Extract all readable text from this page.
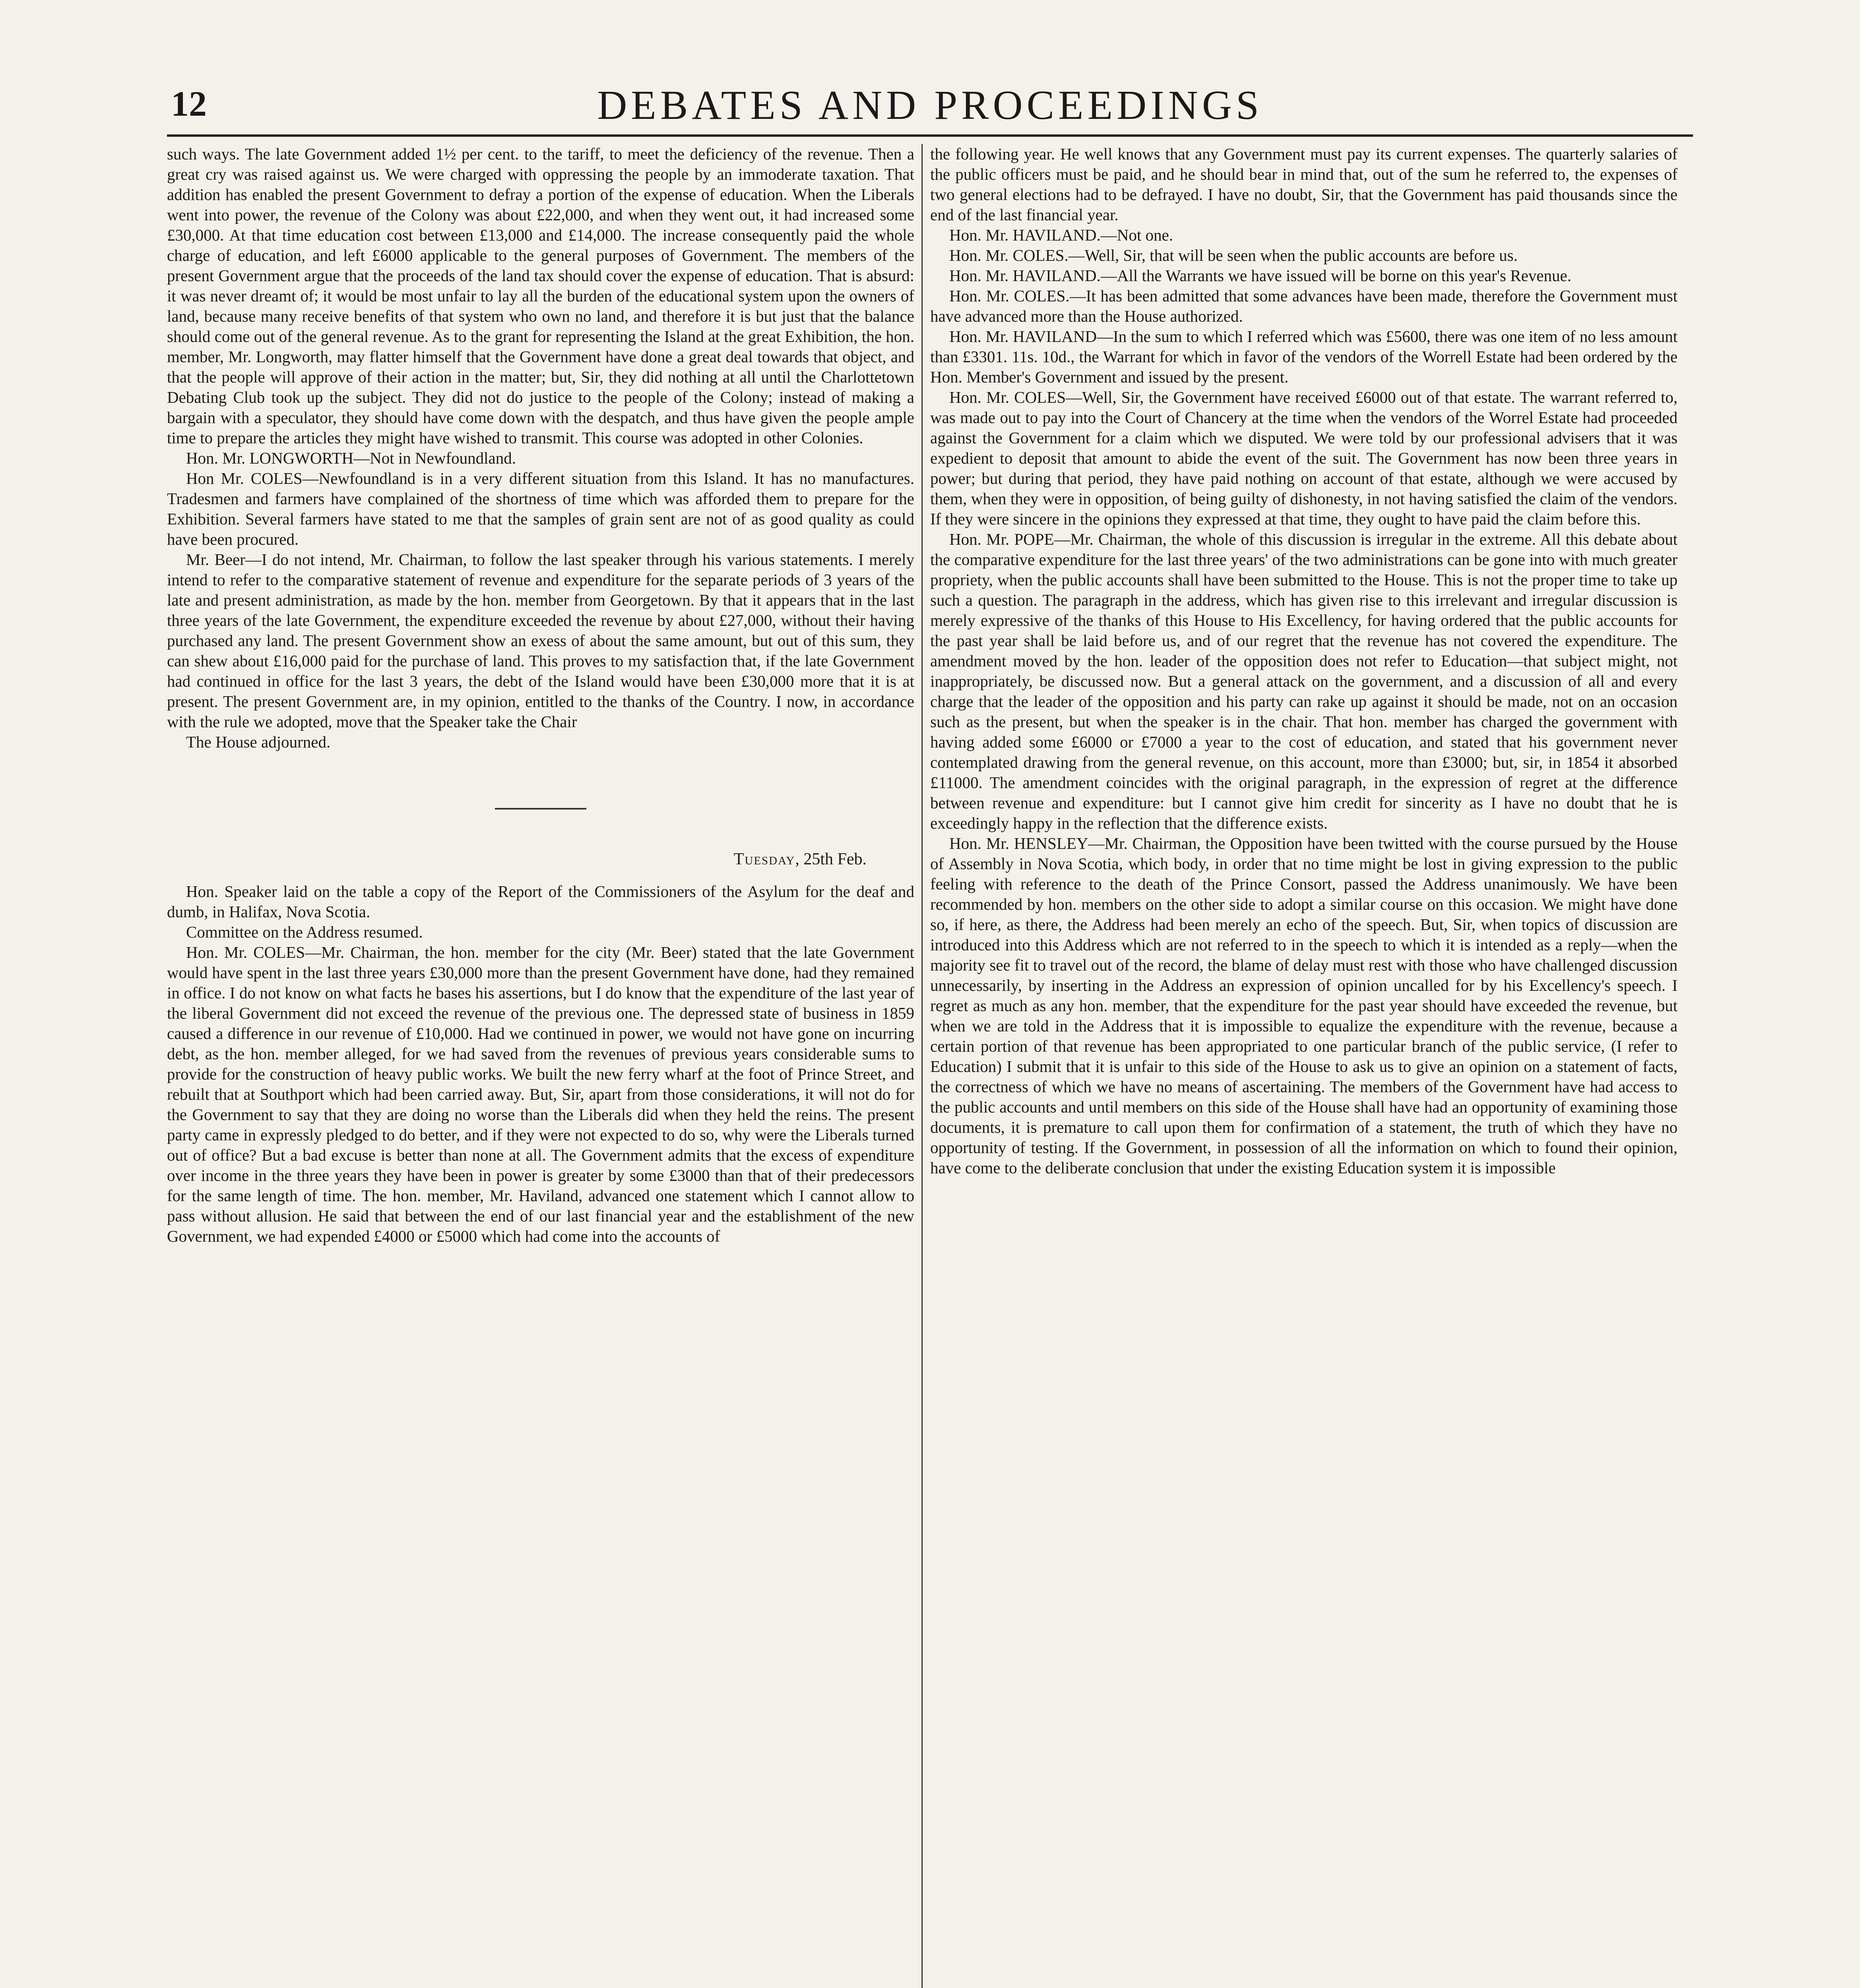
12	DEBATES AND PROCEEDINGS

such ways. The late Government added 1½ per cent. to the tariff, to meet the deficiency of the revenue. Then a great cry was raised against us. We were charged with oppressing the people by an immoderate taxation. That addition has enabled the present Government to defray a portion of the expense of education. When the Liberals went into power, the revenue of the Colony was about £22,000, and when they went out, it had increased some £30,000. At that time education cost between £13,000 and £14,000. The increase consequently paid the whole charge of education, and left £6000 applicable to the general purposes of Government. The members of the present Government argue that the proceeds of the land tax should cover the expense of education. That is absurd: it was never dreamt of; it would be most unfair to lay all the burden of the educational system upon the owners of land, because many receive benefits of that system who own no land, and therefore it is but just that the balance should come out of the general revenue. As to the grant for representing the Island at the great Exhibition, the hon. member, Mr. Longworth, may flatter himself that the Government have done a great deal towards that object, and that the people will approve of their action in the matter; but, Sir, they did nothing at all until the Charlottetown Debating Club took up the subject. They did not do justice to the people of the Colony; instead of making a bargain with a speculator, they should have come down with the despatch, and thus have given the people ample time to prepare the articles they might have wished to transmit. This course was adopted in other Colonies.

Hon. Mr. LONGWORTH—Not in Newfoundland.

Hon Mr. COLES—Newfoundland is in a very different situation from this Island. It has no manufactures. Tradesmen and farmers have complained of the shortness of time which was afforded them to prepare for the Exhibition. Several farmers have stated to me that the samples of grain sent are not of as good quality as could have been procured.

Mr. Beer—I do not intend, Mr. Chairman, to follow the last speaker through his various statements. I merely intend to refer to the comparative statement of revenue and expenditure for the separate periods of 3 years of the late and present administration, as made by the hon. member from Georgetown. By that it appears that in the last three years of the late Government, the expenditure exceeded the revenue by about £27,000, without their having purchased any land. The present Government show an exess of about the same amount, but out of this sum, they can shew about £16,000 paid for the purchase of land. This proves to my satisfaction that, if the late Government had continued in office for the last 3 years, the debt of the Island would have been £30,000 more that it is at present. The present Government are, in my opinion, entitled to the thanks of the Country. I now, in accordance with the rule we adopted, move that the Speaker take the Chair

The House adjourned.

Tuesday, 25th Feb.

Hon. Speaker laid on the table a copy of the Report of the Commissioners of the Asylum for the deaf and dumb, in Halifax, Nova Scotia.

Committee on the Address resumed.

Hon. Mr. COLES—Mr. Chairman, the hon. member for the city (Mr. Beer) stated that the late Government would have spent in the last three years £30,000 more than the present Government have done, had they remained in office. I do not know on what facts he bases his assertions, but I do know that the expenditure of the last year of the liberal Government did not exceed the revenue of the previous one. The depressed state of business in 1859 caused a difference in our revenue of £10,000. Had we continued in power, we would not have gone on incurring debt, as the hon. member alleged, for we had saved from the revenues of previous years considerable sums to provide for the construction of heavy public works. We built the new ferry wharf at the foot of Prince Street, and rebuilt that at Southport which had been carried away. But, Sir, apart from those considerations, it will not do for the Government to say that they are doing no worse than the Liberals did when they held the reins. The present party came in expressly pledged to do better, and if they were not expected to do so, why were the Liberals turned out of office? But a bad excuse is better than none at all. The Government admits that the excess of expenditure over income in the three years they have been in power is greater by some £3000 than that of their predecessors for the same length of time. The hon. member, Mr. Haviland, advanced one statement which I cannot allow to pass without allusion. He said that between the end of our last financial year and the establishment of the new Government, we had expended £4000 or £5000 which had come into the accounts of

the following year. He well knows that any Government must pay its current expenses. The quarterly salaries of the public officers must be paid, and he should bear in mind that, out of the sum he referred to, the expenses of two general elections had to be defrayed. I have no doubt, Sir, that the Government has paid thousands since the end of the last financial year.

Hon. Mr. HAVILAND.—Not one.

Hon. Mr. COLES.—Well, Sir, that will be seen when the public accounts are before us.

Hon. Mr. HAVILAND.—All the Warrants we have issued will be borne on this year's Revenue.

Hon. Mr. COLES.—It has been admitted that some advances have been made, therefore the Government must have advanced more than the House authorized.

Hon. Mr. HAVILAND—In the sum to which I referred which was £5600, there was one item of no less amount than £3301. 11s. 10d., the Warrant for which in favor of the vendors of the Worrell Estate had been ordered by the Hon. Member's Government and issued by the present.

Hon. Mr. COLES—Well, Sir, the Government have received £6000 out of that estate. The warrant referred to, was made out to pay into the Court of Chancery at the time when the vendors of the Worrel Estate had proceeded against the Government for a claim which we disputed. We were told by our professional advisers that it was expedient to deposit that amount to abide the event of the suit. The Government has now been three years in power; but during that period, they have paid nothing on account of that estate, although we were accused by them, when they were in opposition, of being guilty of dishonesty, in not having satisfied the claim of the vendors. If they were sincere in the opinions they expressed at that time, they ought to have paid the claim before this.

Hon. Mr. POPE—Mr. Chairman, the whole of this discussion is irregular in the extreme. All this debate about the comparative expenditure for the last three years' of the two administrations can be gone into with much greater propriety, when the public accounts shall have been submitted to the House. This is not the proper time to take up such a question. The paragraph in the address, which has given rise to this irrelevant and irregular discussion is merely expressive of the thanks of this House to His Excellency, for having ordered that the public accounts for the past year shall be laid before us, and of our regret that the revenue has not covered the expenditure. The amendment moved by the hon. leader of the opposition does not refer to Education—that subject might, not inappropriately, be discussed now. But a general attack on the government, and a discussion of all and every charge that the leader of the opposition and his party can rake up against it should be made, not on an occasion such as the present, but when the speaker is in the chair. That hon. member has charged the government with having added some £6000 or £7000 a year to the cost of education, and stated that his government never contemplated drawing from the general revenue, on this account, more than £3000; but, sir, in 1854 it absorbed £11000. The amendment coincides with the original paragraph, in the expression of regret at the difference between revenue and expenditure: but I cannot give him credit for sincerity as I have no doubt that he is exceedingly happy in the reflection that the difference exists.

Hon. Mr. HENSLEY—Mr. Chairman, the Opposition have been twitted with the course pursued by the House of Assembly in Nova Scotia, which body, in order that no time might be lost in giving expression to the public feeling with reference to the death of the Prince Consort, passed the Address unanimously. We have been recommended by hon. members on the other side to adopt a similar course on this occasion. We might have done so, if here, as there, the Address had been merely an echo of the speech. But, Sir, when topics of discussion are introduced into this Address which are not referred to in the speech to which it is intended as a reply—when the majority see fit to travel out of the record, the blame of delay must rest with those who have challenged discussion unnecessarily, by inserting in the Address an expression of opinion uncalled for by his Excellency's speech. I regret as much as any hon. member, that the expenditure for the past year should have exceeded the revenue, but when we are told in the Address that it is impossible to equalize the expenditure with the revenue, because a certain portion of that revenue has been appropriated to one particular branch of the public service, (I refer to Education) I submit that it is unfair to this side of the House to ask us to give an opinion on a statement of facts, the correctness of which we have no means of ascertaining. The members of the Government have had access to the public accounts and until members on this side of the House shall have had an opportunity of examining those documents, it is premature to call upon them for confirmation of a statement, the truth of which they have no opportunity of testing. If the Government, in possession of all the information on which to found their opinion, have come to the deliberate conclusion that under the existing Education system it is impossible
